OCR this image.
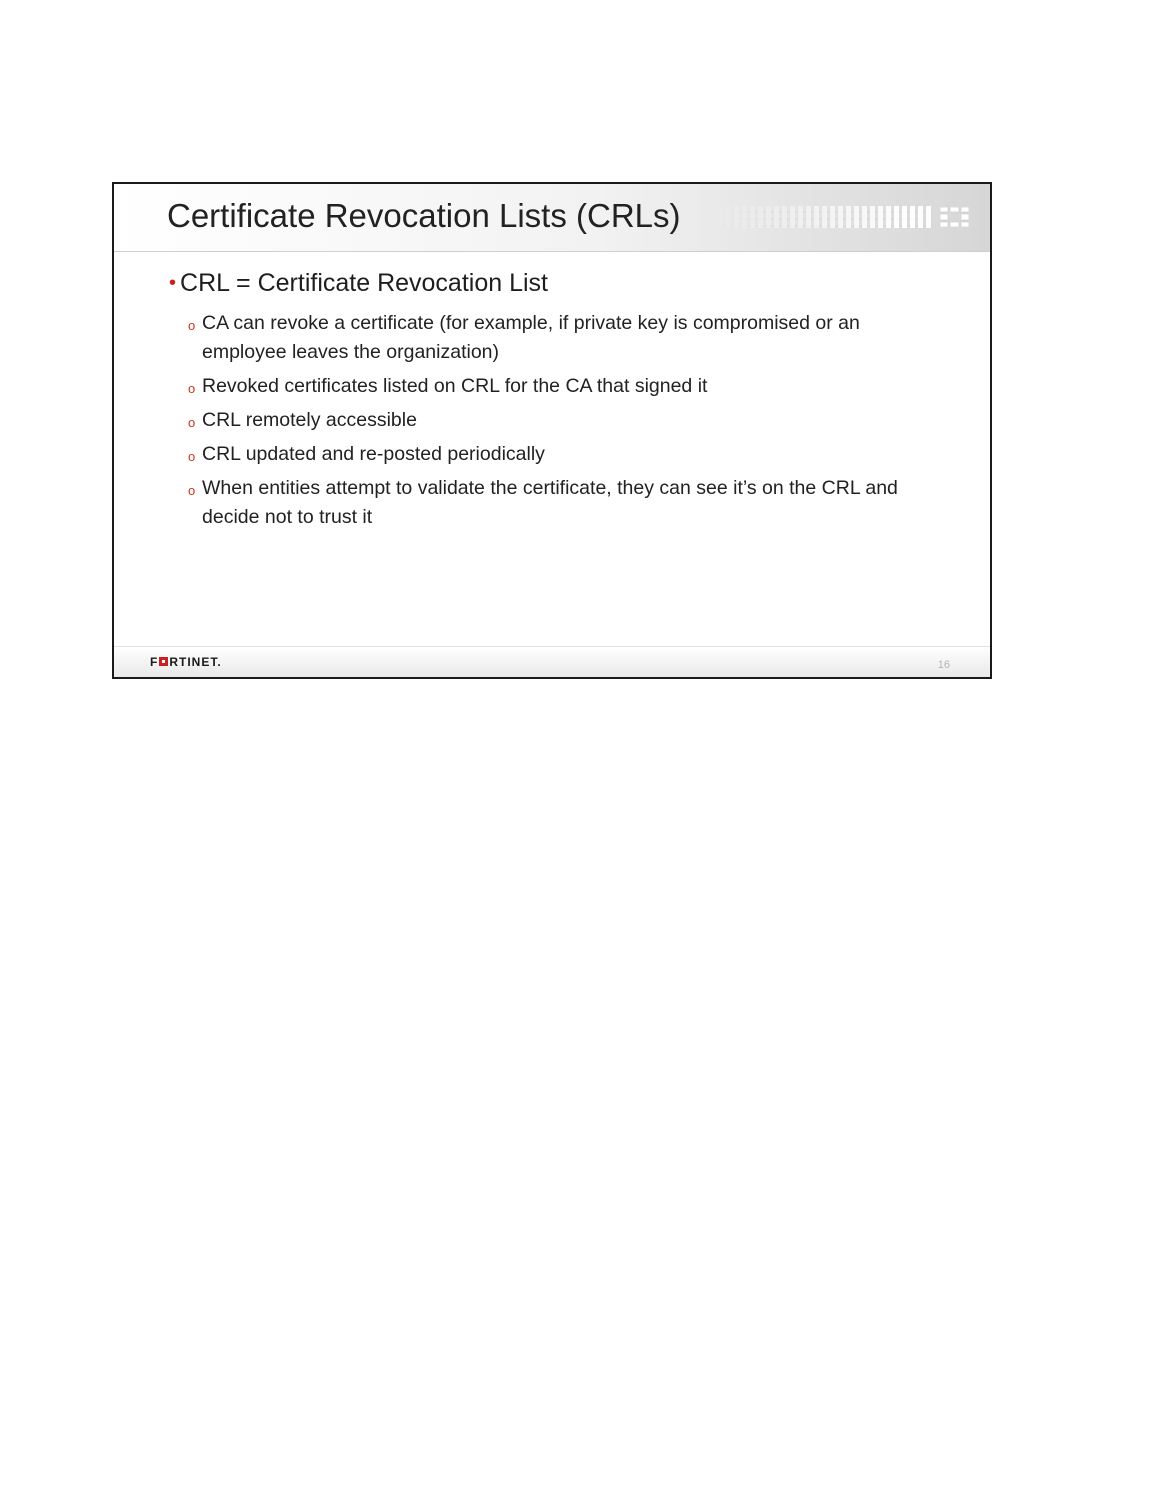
Certificate Revocation Lists (CRLs)
• CRL = Certificate Revocation List
o CA can revoke a certificate (for example, if private key is compromised or an employee leaves the organization)
o Revoked certificates listed on CRL for the CA that signed it
o CRL remotely accessible
o CRL updated and re-posted periodically
o When entities attempt to validate the certificate, they can see it’s on the CRL and decide not to trust it
F RTINET.	16
